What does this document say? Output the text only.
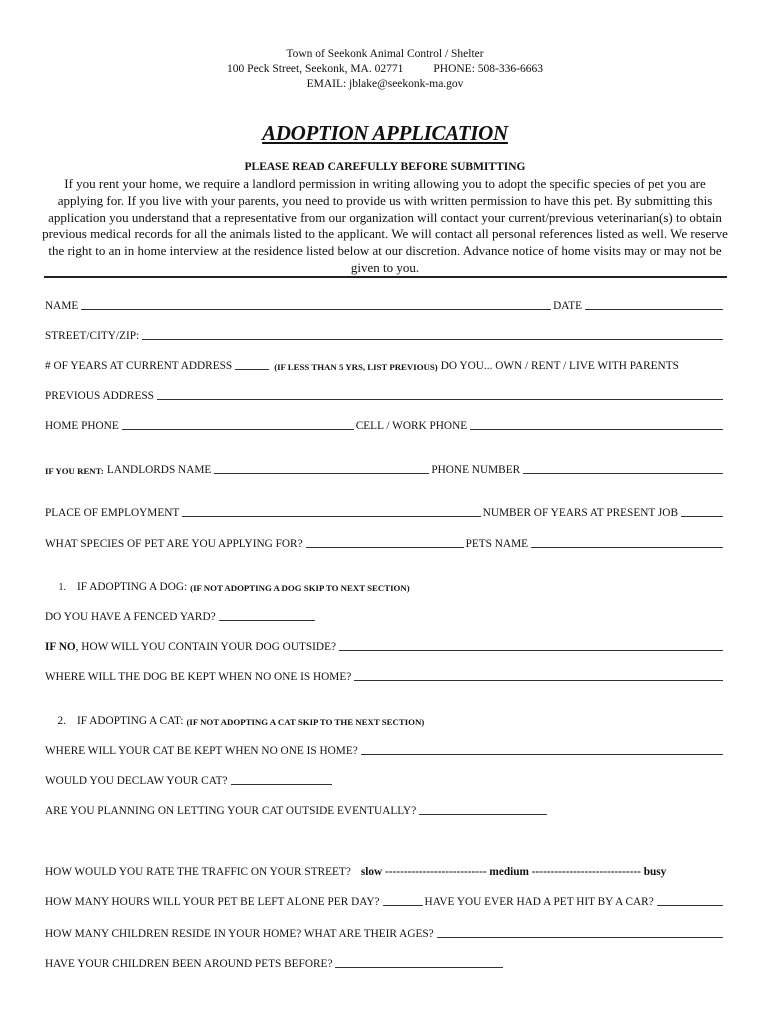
Town of Seekonk Animal Control / Shelter
100 Peck Street, Seekonk, MA. 02771	PHONE: 508-336-6663
EMAIL: jblake@seekonk-ma.gov
ADOPTION APPLICATION
PLEASE READ CAREFULLY BEFORE SUBMITTING
If you rent your home, we require a landlord permission in writing allowing you to adopt the specific species of pet you are applying for. If you live with your parents, you need to provide us with written permission to have this pet. By submitting this application you understand that a representative from our organization will contact your current/previous veterinarian(s) to obtain previous medical records for all the animals listed to the applicant. We will contact all personal references listed as well. We reserve the right to an in home interview at the residence listed below at our discretion. Advance notice of home visits may or may not be given to you.
NAME	DATE
STREET/CITY/ZIP:
# OF YEARS AT CURRENT ADDRESS	(IF LESS THAN 5 YRS, LIST PREVIOUS) DO YOU... OWN / RENT / LIVE WITH PARENTS
PREVIOUS ADDRESS
HOME PHONE	CELL / WORK PHONE
IF YOU RENT: LANDLORDS NAME	PHONE NUMBER
PLACE OF EMPLOYMENT	NUMBER OF YEARS AT PRESENT JOB
WHAT SPECIES OF PET ARE YOU APPLYING FOR?	PETS NAME
1. IF ADOPTING A DOG: (IF NOT ADOPTING A DOG SKIP TO NEXT SECTION)
DO YOU HAVE A FENCED YARD?
IF NO , HOW WILL YOU CONTAIN YOUR DOG OUTSIDE?
WHERE WILL THE DOG BE KEPT WHEN NO ONE IS HOME?
2. IF ADOPTING A CAT: (IF NOT ADOPTING A CAT SKIP TO THE NEXT SECTION)
WHERE WILL YOUR CAT BE KEPT WHEN NO ONE IS HOME?
WOULD YOU DECLAW YOUR CAT?
ARE YOU PLANNING ON LETTING YOUR CAT OUTSIDE EVENTUALLY?
HOW WOULD YOU RATE THE TRAFFIC ON YOUR STREET? slow --------------------------- medium ----------------------------- busy
HOW MANY HOURS WILL YOUR PET BE LEFT ALONE PER DAY?	HAVE YOU EVER HAD A PET HIT BY A CAR?
HOW MANY CHILDREN RESIDE IN YOUR HOME? WHAT ARE THEIR AGES?
HAVE YOUR CHILDREN BEEN AROUND PETS BEFORE?
